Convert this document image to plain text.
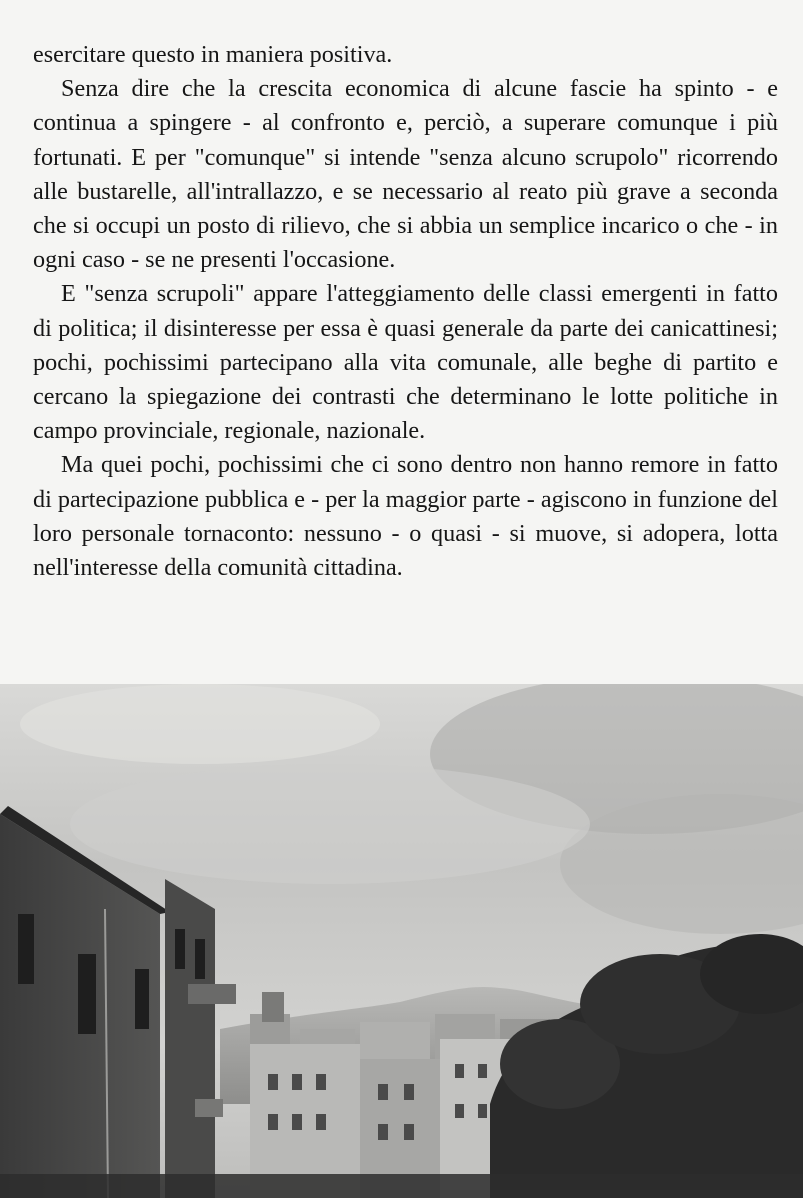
esercitare questo in maniera positiva.

Senza dire che la crescita economica di alcune fascie ha spinto - e continua a spingere - al confronto e, perciò, a superare comunque i più fortunati. E per "comunque" si intende "senza alcuno scrupolo" ricorrendo alle bustarelle, all'intrallazzo, e se necessario al reato più grave a seconda che si occupi un posto di rilievo, che si abbia un semplice incarico o che - in ogni caso - se ne presenti l'occasione.

E "senza scrupoli" appare l'atteggiamento delle classi emergenti in fatto di politica; il disinteresse per essa è quasi generale da parte dei canicattinesi; pochi, pochissimi partecipano alla vita comunale, alle beghe di partito e cercano la spiegazione dei contrasti che determinano le lotte politiche in campo provinciale, regionale, nazionale.

Ma quei pochi, pochissimi che ci sono dentro non hanno remore in fatto di partecipazione pubblica e - per la maggior parte - agiscono in funzione del loro personale tornaconto: nessuno - o quasi - si muove, si adopera, lotta nell'interesse della comunità cittadina.
